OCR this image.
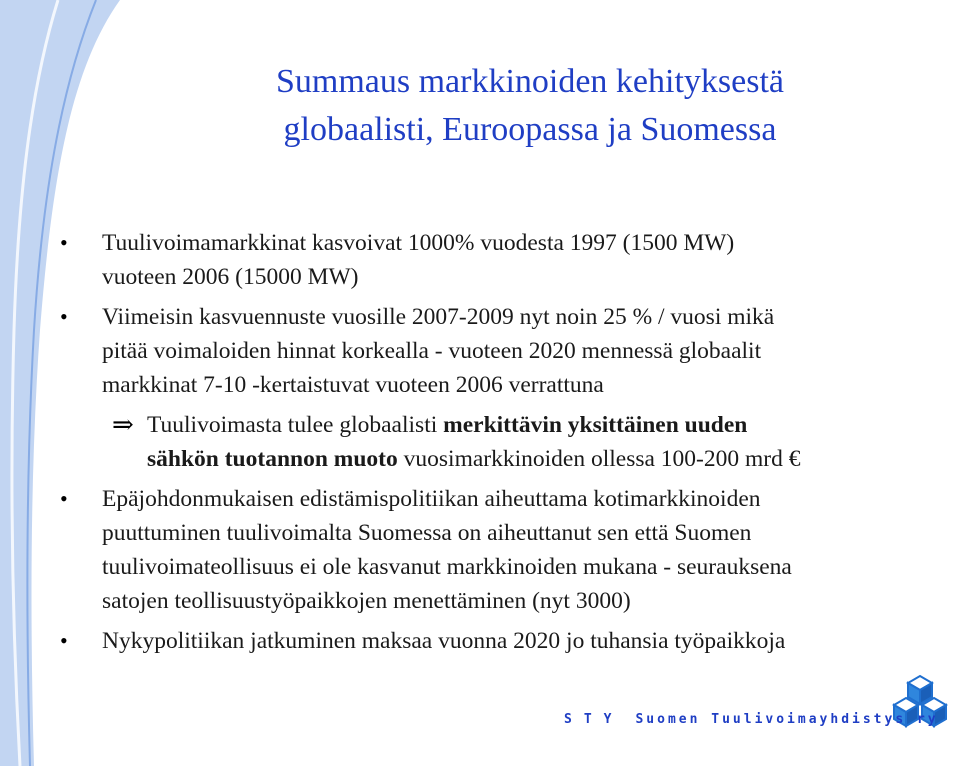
Summaus markkinoiden kehityksestä
globaalisti, Euroopassa ja Suomessa
•	Tuulivoimamarkkinat kasvoivat 1000% vuodesta 1997 (1500 MW)
vuoteen 2006 (15000 MW)
•	Viimeisin kasvuennuste vuosille 2007-2009 nyt noin 25 % / vuosi mikä
pitää voimaloiden hinnat korkealla - vuoteen 2020 mennessä globaalit
markkinat 7-10 -kertaistuvat vuoteen 2006 verrattuna
⇒ Tuulivoimasta tulee globaalisti merkittävin yksittäinen uuden
sähkön tuotannon muoto vuosimarkkinoiden ollessa 100-200 mrd €
•	Epäjohdonmukaisen edistämispolitiikan aiheuttama kotimarkkinoiden
puuttuminen tuulivoimalta Suomessa on aiheuttanut sen että Suomen
tuulivoimateollisuus ei ole kasvanut markkinoiden mukana - seurauksena
satojen teollisuustyöpaikkojen menettäminen (nyt 3000)
•	Nykypolitiikan jatkuminen maksaa vuonna 2020 jo tuhansia työpaikkoja
STY Suomen Tuulivoimayhdistys ry
